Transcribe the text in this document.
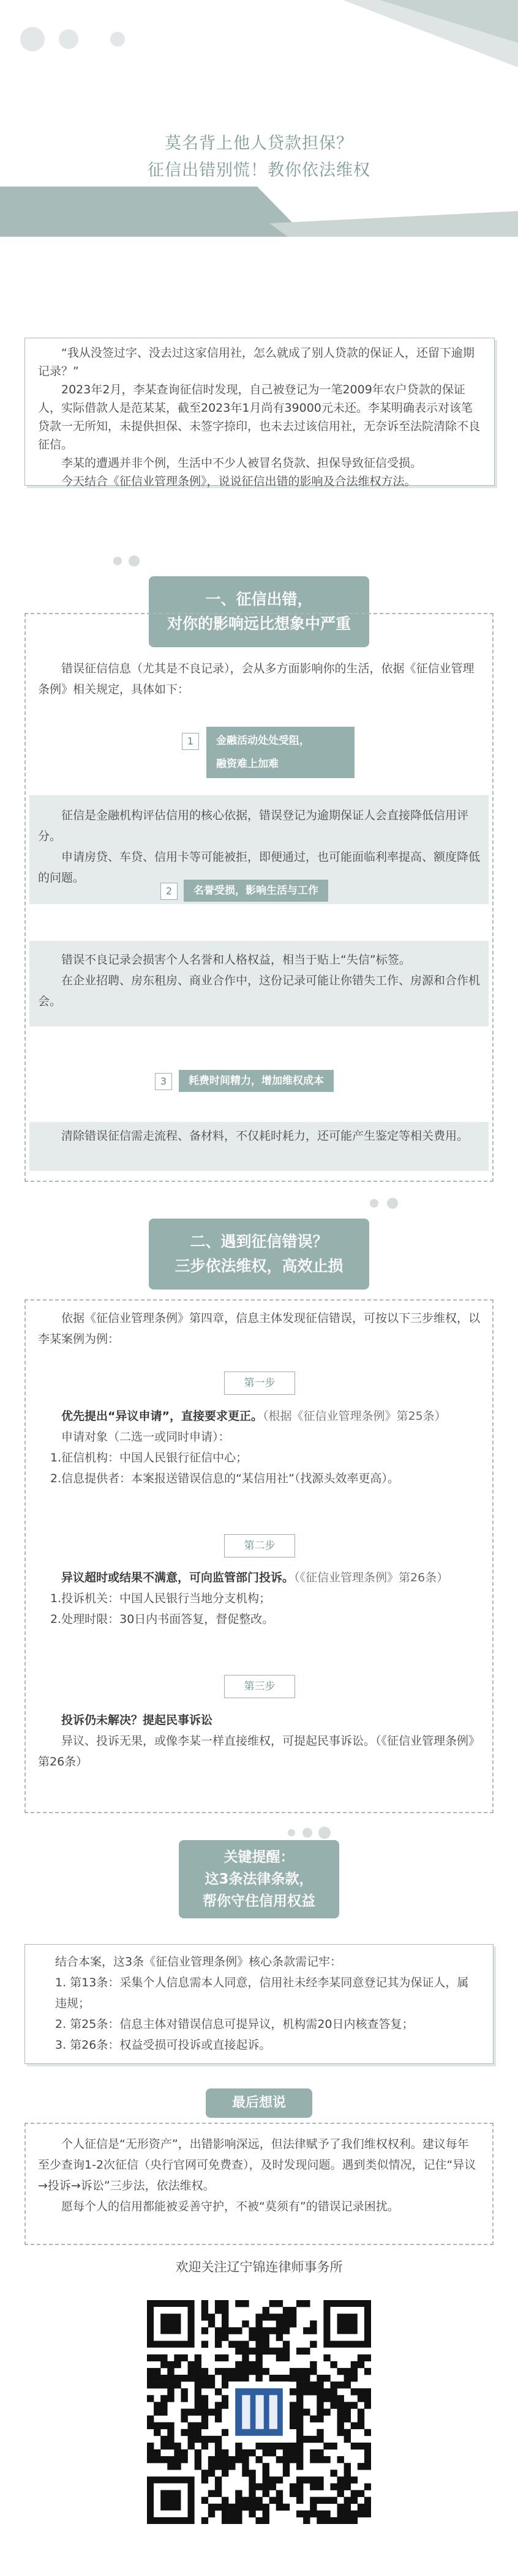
莫名背上他人贷款担保？
征信出错别慌！教你依法维权

“我从没签过字、没去过这家信用社，怎么就成了别人贷款的保证人，还留下逾期记录？”

2023年2月，李某查询征信时发现，自己被登记为一笔2009年农户贷款的保证人，实际借款人是范某某，截至2023年1月尚有39000元未还。李某明确表示对该笔贷款一无所知，未提供担保、未签字捺印，也未去过该信用社，无奈诉至法院清除不良征信。

李某的遭遇并非个例，生活中不少人被冒名贷款、担保导致征信受损。

今天结合《征信业管理条例》，说说征信出错的影响及合法维权方法。

一、征信出错，
对你的影响远比想象中严重

错误征信信息（尤其是不良记录），会从多方面影响你的生活，依据《征信业管理条例》相关规定，具体如下：

1	金融活动处处受阻，
融资难上加难

征信是金融机构评估信用的核心依据，错误登记为逾期保证人会直接降低信用评分。

申请房贷、车贷、信用卡等可能被拒，即便通过，也可能面临利率提高、额度降低的问题。

2	名誉受损，影响生活与工作

错误不良记录会损害个人名誉和人格权益，相当于贴上“失信”标签。

在企业招聘、房东租房、商业合作中，这份记录可能让你错失工作、房源和合作机会。

3	耗费时间精力，增加维权成本

清除错误征信需走流程、备材料，不仅耗时耗力，还可能产生鉴定等相关费用。

二、遇到征信错误？
三步依法维权，高效止损

依据《征信业管理条例》第四章，信息主体发现征信错误，可按以下三步维权，以李某案例为例：

第一步

优先提出“异议申请”，直接要求更正。（根据《征信业管理条例》第25条）

申请对象（二选一或同时申请）：

1.征信机构：中国人民银行征信中心；

2.信息提供者：本案报送错误信息的“某信用社”（找源头效率更高）。

第二步

异议超时或结果不满意，可向监管部门投诉。（《征信业管理条例》第26条）

1.投诉机关：中国人民银行当地分支机构；

2.处理时限：30日内书面答复，督促整改。

第三步

投诉仍未解决？提起民事诉讼

异议、投诉无果，或像李某一样直接维权，可提起民事诉讼。（《征信业管理条例》第26条）

关键提醒：
这3条法律条款，
帮你守住信用权益

结合本案，这3条《征信业管理条例》核心条款需记牢：

1. 第13条：采集个人信息需本人同意，信用社未经李某同意登记其为保证人，属违规；

2. 第25条：信息主体对错误信息可提异议，机构需20日内核查答复；

3. 第26条：权益受损可投诉或直接起诉。

最后想说

个人征信是“无形资产”，出错影响深远，但法律赋予了我们维权权利。建议每年至少查询1-2次征信（央行官网可免费查），及时发现问题。遇到类似情况，记住“异议→投诉→诉讼”三步法，依法维权。

愿每个人的信用都能被妥善守护，不被“莫须有”的错误记录困扰。

欢迎关注辽宁锦连律师事务所
